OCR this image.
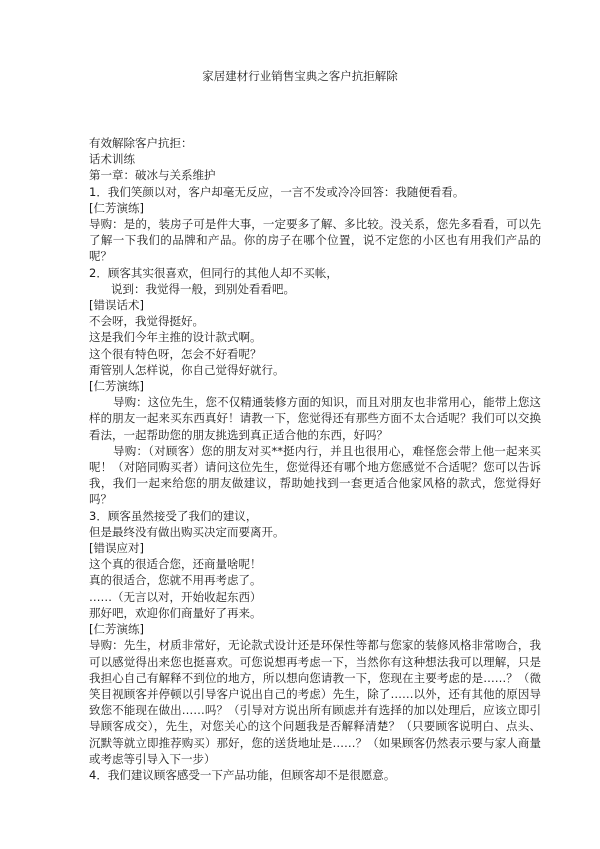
家居建材行业销售宝典之客户抗拒解除
有效解除客户抗拒：
话术训练
第一章：破冰与关系维护
1．我们笑颜以对，客户却毫无反应，一言不发或冷冷回答：我随便看看。
[仁芳演练]
导购：是的，装房子可是件大事，一定要多了解、多比较。没关系，您先多看看，可以先了解一下我们的品牌和产品。你的房子在哪个位置，说不定您的小区也有用我们产品的呢？
2．顾客其实很喜欢，但同行的其他人却不买帐，
说到：我觉得一般，到别处看看吧。
[错误话术]
不会呀，我觉得挺好。
这是我们今年主推的设计款式啊。
这个很有特色呀，怎会不好看呢？
甭管别人怎样说，你自己觉得好就行。
[仁芳演练]
导购：这位先生，您不仅精通装修方面的知识，而且对朋友也非常用心，能带上您这样的朋友一起来买东西真好！请教一下，您觉得还有那些方面不太合适呢？我们可以交换看法，一起帮助您的朋友挑选到真正适合他的东西，好吗？
导购：（对顾客）您的朋友对买**挺内行，并且也很用心，难怪您会带上他一起来买呢！（对陪同购买者）请问这位先生，您觉得还有哪个地方您感觉不合适呢？您可以告诉我，我们一起来给您的朋友做建议，帮助她找到一套更适合他家风格的款式，您觉得好吗？
3．顾客虽然接受了我们的建议，
但是最终没有做出购买决定而要离开。
[错误应对]
这个真的很适合您，还商量啥呢！
真的很适合，您就不用再考虑了。
……（无言以对，开始收起东西）
那好吧，欢迎你们商量好了再来。
[仁芳演练]
导购：先生，材质非常好，无论款式设计还是环保性等都与您家的装修风格非常吻合，我可以感觉得出来您也挺喜欢。可您说想再考虑一下，当然你有这种想法我可以理解，只是我担心自己有解释不到位的地方，所以想向您请教一下，您现在主要考虑的是……？（微笑目视顾客并停顿以引导客户说出自己的考虑）先生，除了……以外，还有其他的原因导致您不能现在做出……吗？（引导对方说出所有顾虑并有选择的加以处理后，应该立即引导顾客成交），先生，对您关心的这个问题我是否解释清楚？（只要顾客说明白、点头、沉默等就立即推荐购买）那好，您的送货地址是……？（如果顾客仍然表示要与家人商量或考虑等引导入下一步）
4．我们建议顾客感受一下产品功能，但顾客却不是很愿意。
